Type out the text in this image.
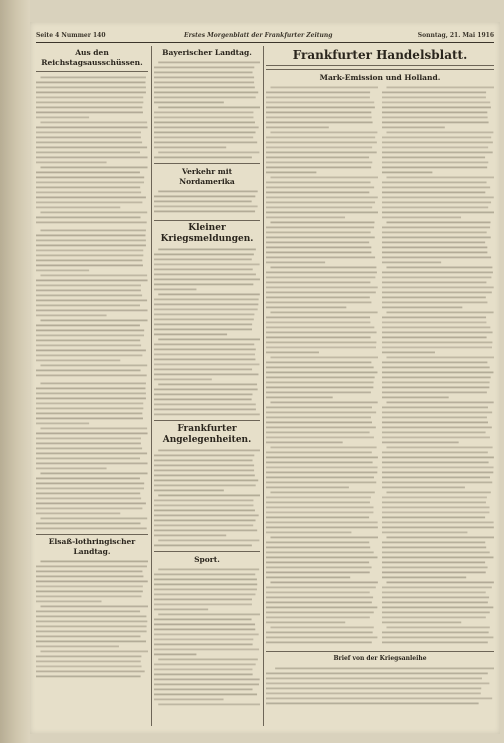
Seite 4 Nummer 140	Erstes Morgenblatt der Frankfurter Zeitung	Sonntag, 21. Mai 1916
Aus den Reichstagsausschüssen.
Elsaß-lothringischer Landtag.
Bayerischer Landtag.
Verkehr mit Nordamerika
Kleiner Kriegsmeldungen.
Frankfurter Angelegenheiten.
Sport.
Frankfurter Handelsblatt.
Mark-Emission und Holland.
Brief von der Kriegsanleihe
